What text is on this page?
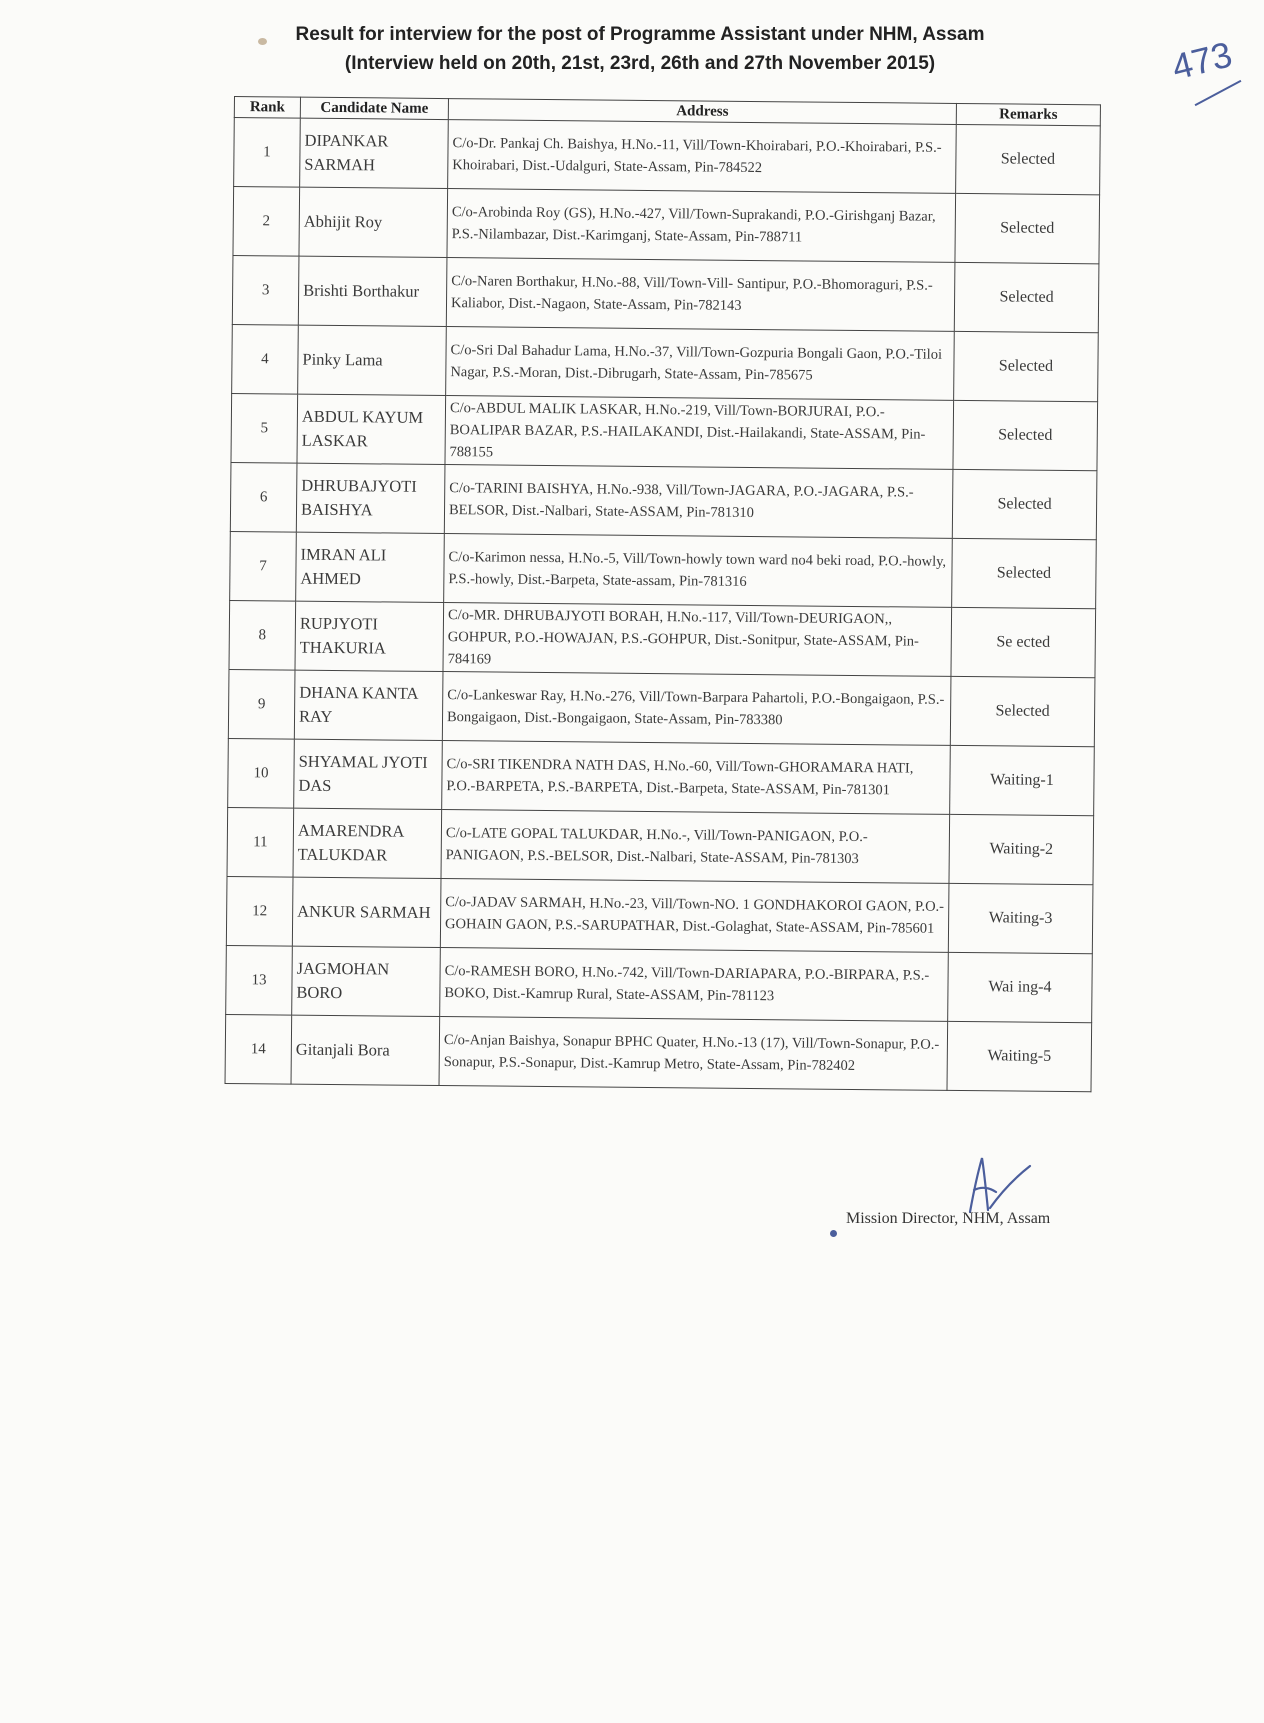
Result for interview for the post of Programme Assistant under NHM, Assam
(Interview held on 20th, 21st, 23rd, 26th and 27th November 2015)	473
Rank	Candidate Name	Address	Remarks
1	DIPANKAR SARMAH	C/o-Dr. Pankaj Ch. Baishya, H.No.-11, Vill/Town-Khoirabari, P.O.-Khoirabari, P.S.-Khoirabari, Dist.-Udalguri, State-Assam, Pin-784522	Selected
2	Abhijit Roy	C/o-Arobinda Roy (GS), H.No.-427, Vill/Town-Suprakandi, P.O.-Girishganj Bazar, P.S.-Nilambazar, Dist.-Karimganj, State-Assam, Pin-788711	Selected
3	Brishti Borthakur	C/o-Naren Borthakur, H.No.-88, Vill/Town-Vill- Santipur, P.O.-Bhomoraguri, P.S.-Kaliabor, Dist.-Nagaon, State-Assam, Pin-782143	Selected
4	Pinky Lama	C/o-Sri Dal Bahadur Lama, H.No.-37, Vill/Town-Gozpuria Bongali Gaon, P.O.-Tiloi Nagar, P.S.-Moran, Dist.-Dibrugarh, State-Assam, Pin-785675	Selected
5	ABDUL KAYUM LASKAR	C/o-ABDUL MALIK LASKAR, H.No.-219, Vill/Town-BORJURAI, P.O.-BOALIPAR BAZAR, P.S.-HAILAKANDI, Dist.-Hailakandi, State-ASSAM, Pin-788155	Selected
6	DHRUBAJYOTI BAISHYA	C/o-TARINI BAISHYA, H.No.-938, Vill/Town-JAGARA, P.O.-JAGARA, P.S.-BELSOR, Dist.-Nalbari, State-ASSAM, Pin-781310	Selected
7	IMRAN ALI AHMED	C/o-Karimon nessa, H.No.-5, Vill/Town-howly town ward no4 beki road, P.O.-howly, P.S.-howly, Dist.-Barpeta, State-assam, Pin-781316	Selected
8	RUPJYOTI THAKURIA	C/o-MR. DHRUBAJYOTI BORAH, H.No.-117, Vill/Town-DEURIGAON,, GOHPUR, P.O.-HOWAJAN, P.S.-GOHPUR, Dist.-Sonitpur, State-ASSAM, Pin-784169	Se ected
9	DHANA KANTA RAY	C/o-Lankeswar Ray, H.No.-276, Vill/Town-Barpara Pahartoli, P.O.-Bongaigaon, P.S.-Bongaigaon, Dist.-Bongaigaon, State-Assam, Pin-783380	Selected
10	SHYAMAL JYOTI DAS	C/o-SRI TIKENDRA NATH DAS, H.No.-60, Vill/Town-GHORAMARA HATI, P.O.-BARPETA, P.S.-BARPETA, Dist.-Barpeta, State-ASSAM, Pin-781301	Waiting-1
11	AMARENDRA TALUKDAR	C/o-LATE GOPAL TALUKDAR, H.No.-, Vill/Town-PANIGAON, P.O.-PANIGAON, P.S.-BELSOR, Dist.-Nalbari, State-ASSAM, Pin-781303	Waiting-2
12	ANKUR SARMAH	C/o-JADAV SARMAH, H.No.-23, Vill/Town-NO. 1 GONDHAKOROI GAON, P.O.-GOHAIN GAON, P.S.-SARUPATHAR, Dist.-Golaghat, State-ASSAM, Pin-785601	Waiting-3
13	JAGMOHAN BORO	C/o-RAMESH BORO, H.No.-742, Vill/Town-DARIAPARA, P.O.-BIRPARA, P.S.-BOKO, Dist.-Kamrup Rural, State-ASSAM, Pin-781123	Wai ing-4
14	Gitanjali Bora	C/o-Anjan Baishya, Sonapur BPHC Quater, H.No.-13 (17), Vill/Town-Sonapur, P.O.-Sonapur, P.S.-Sonapur, Dist.-Kamrup Metro, State-Assam, Pin-782402	Waiting-5
Mission Director, NHM, Assam
